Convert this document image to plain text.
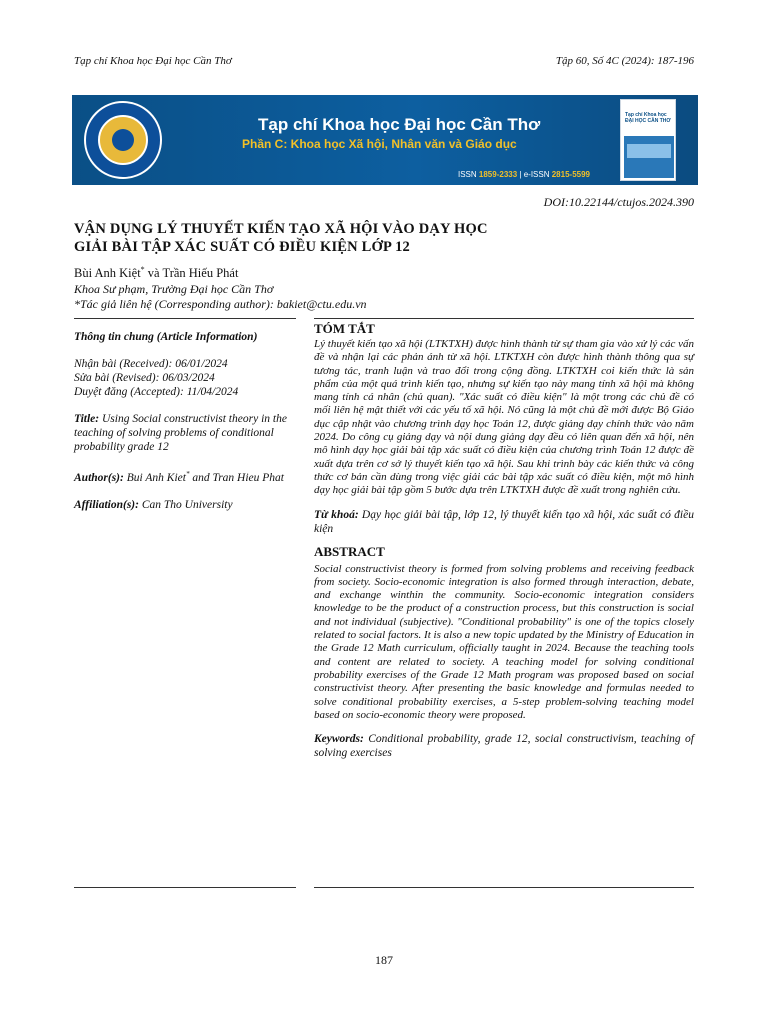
Tạp chí Khoa học Đại học Cần Thơ	Tập 60, Số 4C (2024): 187-196
Tạp chí Khoa học Đại học Cần Thơ
Phần C: Khoa học Xã hội, Nhân văn và Giáo dục
ISSN 1859-2333 | e-ISSN 2815-5599
Tạp chí Khoa học ĐẠI HỌC CẦN THƠ
DOI:10.22144/ctujos.2024.390
VẬN DỤNG LÝ THUYẾT KIẾN TẠO XÃ HỘI VÀO DẠY HỌC
GIẢI BÀI TẬP XÁC SUẤT CÓ ĐIỀU KIỆN LỚP 12
Bùi Anh Kiệt* và Trần Hiếu Phát
Khoa Sư phạm, Trường Đại học Cần Thơ
*Tác giả liên hệ (Corresponding author): bakiet@ctu.edu.vn
Thông tin chung (Article Information)
Nhận bài (Received): 06/01/2024
Sửa bài (Revised): 06/03/2024
Duyệt đăng (Accepted): 11/04/2024
Title: Using Social constructivist theory in the teaching of solving problems of conditional probability grade 12
Author(s): Bui Anh Kiet* and Tran Hieu Phat
Affiliation(s): Can Tho University
TÓM TẮT
Lý thuyết kiến tạo xã hội (LTKTXH) được hình thành từ sự tham gia vào xử lý các vấn đề và nhận lại các phản ánh từ xã hội. LTKTXH còn được hình thành thông qua sự tương tác, tranh luận và trao đổi trong cộng đồng. LTKTXH coi kiến thức là sản phẩm của một quá trình kiến tạo, nhưng sự kiến tạo này mang tính xã hội mà không mang tính cá nhân (chủ quan). "Xác suất có điều kiện" là một trong các chủ đề có mối liên hệ mật thiết với các yếu tố xã hội. Nó cũng là một chủ đề mới được Bộ Giáo dục cập nhật vào chương trình dạy học Toán 12, được giảng dạy chính thức vào năm 2024. Do công cụ giảng dạy và nội dung giảng dạy đều có liên quan đến xã hội, nên mô hình dạy học giải bài tập xác suất có điều kiện của chương trình Toán 12 được đề xuất dựa trên cơ sở lý thuyết kiến tạo xã hội. Sau khi trình bày các kiến thức và công thức cơ bản cần dùng trong việc giải các bài tập xác suất có điều kiện, một mô hình dạy học giải bài tập gồm 5 bước dựa trên LTKTXH được đề xuất trong nghiên cứu.
Từ khoá: Dạy học giải bài tập, lớp 12, lý thuyết kiến tạo xã hội, xác suất có điều kiện
ABSTRACT
Social constructivist theory is formed from solving problems and receiving feedback from society. Socio-economic integration is also formed through interaction, debate, and exchange winthin the community. Socio-economic integration considers knowledge to be the product of a construction process, but this construction is social and not individual (subjective). "Conditional probability" is one of the topics closely related to social factors. It is also a new topic updated by the Ministry of Education in the Grade 12 Math curriculum, officially taught in 2024. Because the teaching tools and content are related to society. A teaching model for solving conditional probability exercises of the Grade 12 Math program was proposed based on social constructivist theory. After presenting the basic knowledge and formulas needed to solve conditional probability exercises, a 5-step problem-solving teaching model based on socio-economic theory were proposed.
Keywords: Conditional probability, grade 12, social constructivism, teaching of solving exercises
187
